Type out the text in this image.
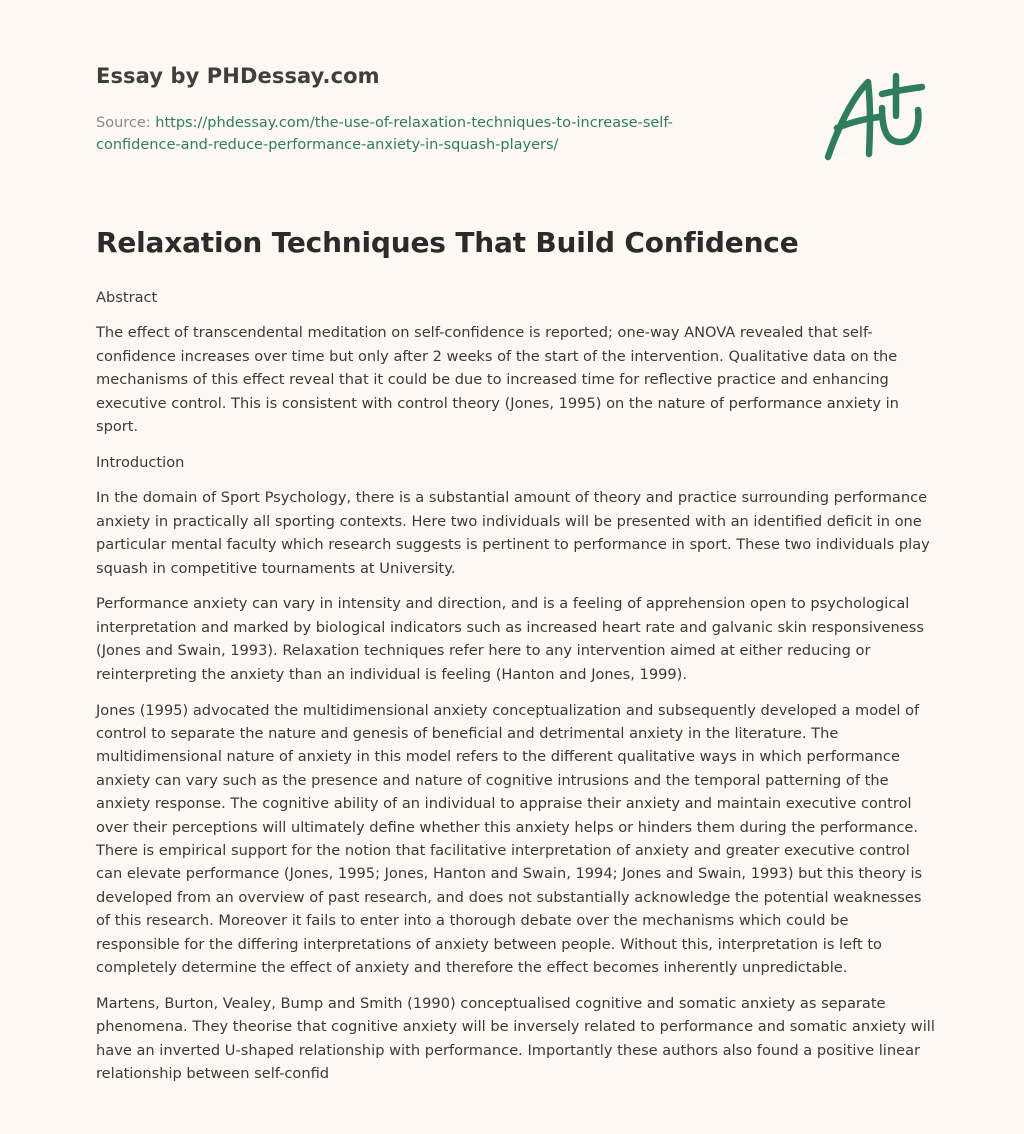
Essay by PHDessay.com
Source: https://phdessay.com/the-use-of-relaxation-techniques-to-increase-self-confidence-and-reduce-performance-anxiety-in-squash-players/
Relaxation Techniques That Build Confidence

Abstract

The effect of transcendental meditation on self-confidence is reported; one-way ANOVA revealed that self-confidence increases over time but only after 2 weeks of the start of the intervention. Qualitative data on the mechanisms of this effect reveal that it could be due to increased time for reflective practice and enhancing executive control. This is consistent with control theory (Jones, 1995) on the nature of performance anxiety in sport.

Introduction

In the domain of Sport Psychology, there is a substantial amount of theory and practice surrounding performance anxiety in practically all sporting contexts. Here two individuals will be presented with an identified deficit in one particular mental faculty which research suggests is pertinent to performance in sport. These two individuals play squash in competitive tournaments at University.

Performance anxiety can vary in intensity and direction, and is a feeling of apprehension open to psychological interpretation and marked by biological indicators such as increased heart rate and galvanic skin responsiveness (Jones and Swain, 1993). Relaxation techniques refer here to any intervention aimed at either reducing or reinterpreting the anxiety than an individual is feeling (Hanton and Jones, 1999).

Jones (1995) advocated the multidimensional anxiety conceptualization and subsequently developed a model of control to separate the nature and genesis of beneficial and detrimental anxiety in the literature. The multidimensional nature of anxiety in this model refers to the different qualitative ways in which performance anxiety can vary such as the presence and nature of cognitive intrusions and the temporal patterning of the anxiety response. The cognitive ability of an individual to appraise their anxiety and maintain executive control over their perceptions will ultimately define whether this anxiety helps or hinders them during the performance. There is empirical support for the notion that facilitative interpretation of anxiety and greater executive control can elevate performance (Jones, 1995; Jones, Hanton and Swain, 1994; Jones and Swain, 1993) but this theory is developed from an overview of past research, and does not substantially acknowledge the potential weaknesses of this research. Moreover it fails to enter into a thorough debate over the mechanisms which could be responsible for the differing interpretations of anxiety between people. Without this, interpretation is left to completely determine the effect of anxiety and therefore the effect becomes inherently unpredictable.

Martens, Burton, Vealey, Bump and Smith (1990) conceptualised cognitive and somatic anxiety as separate phenomena. They theorise that cognitive anxiety will be inversely related to performance and somatic anxiety will have an inverted U-shaped relationship with performance. Importantly these authors also found a positive linear relationship between self-confid
